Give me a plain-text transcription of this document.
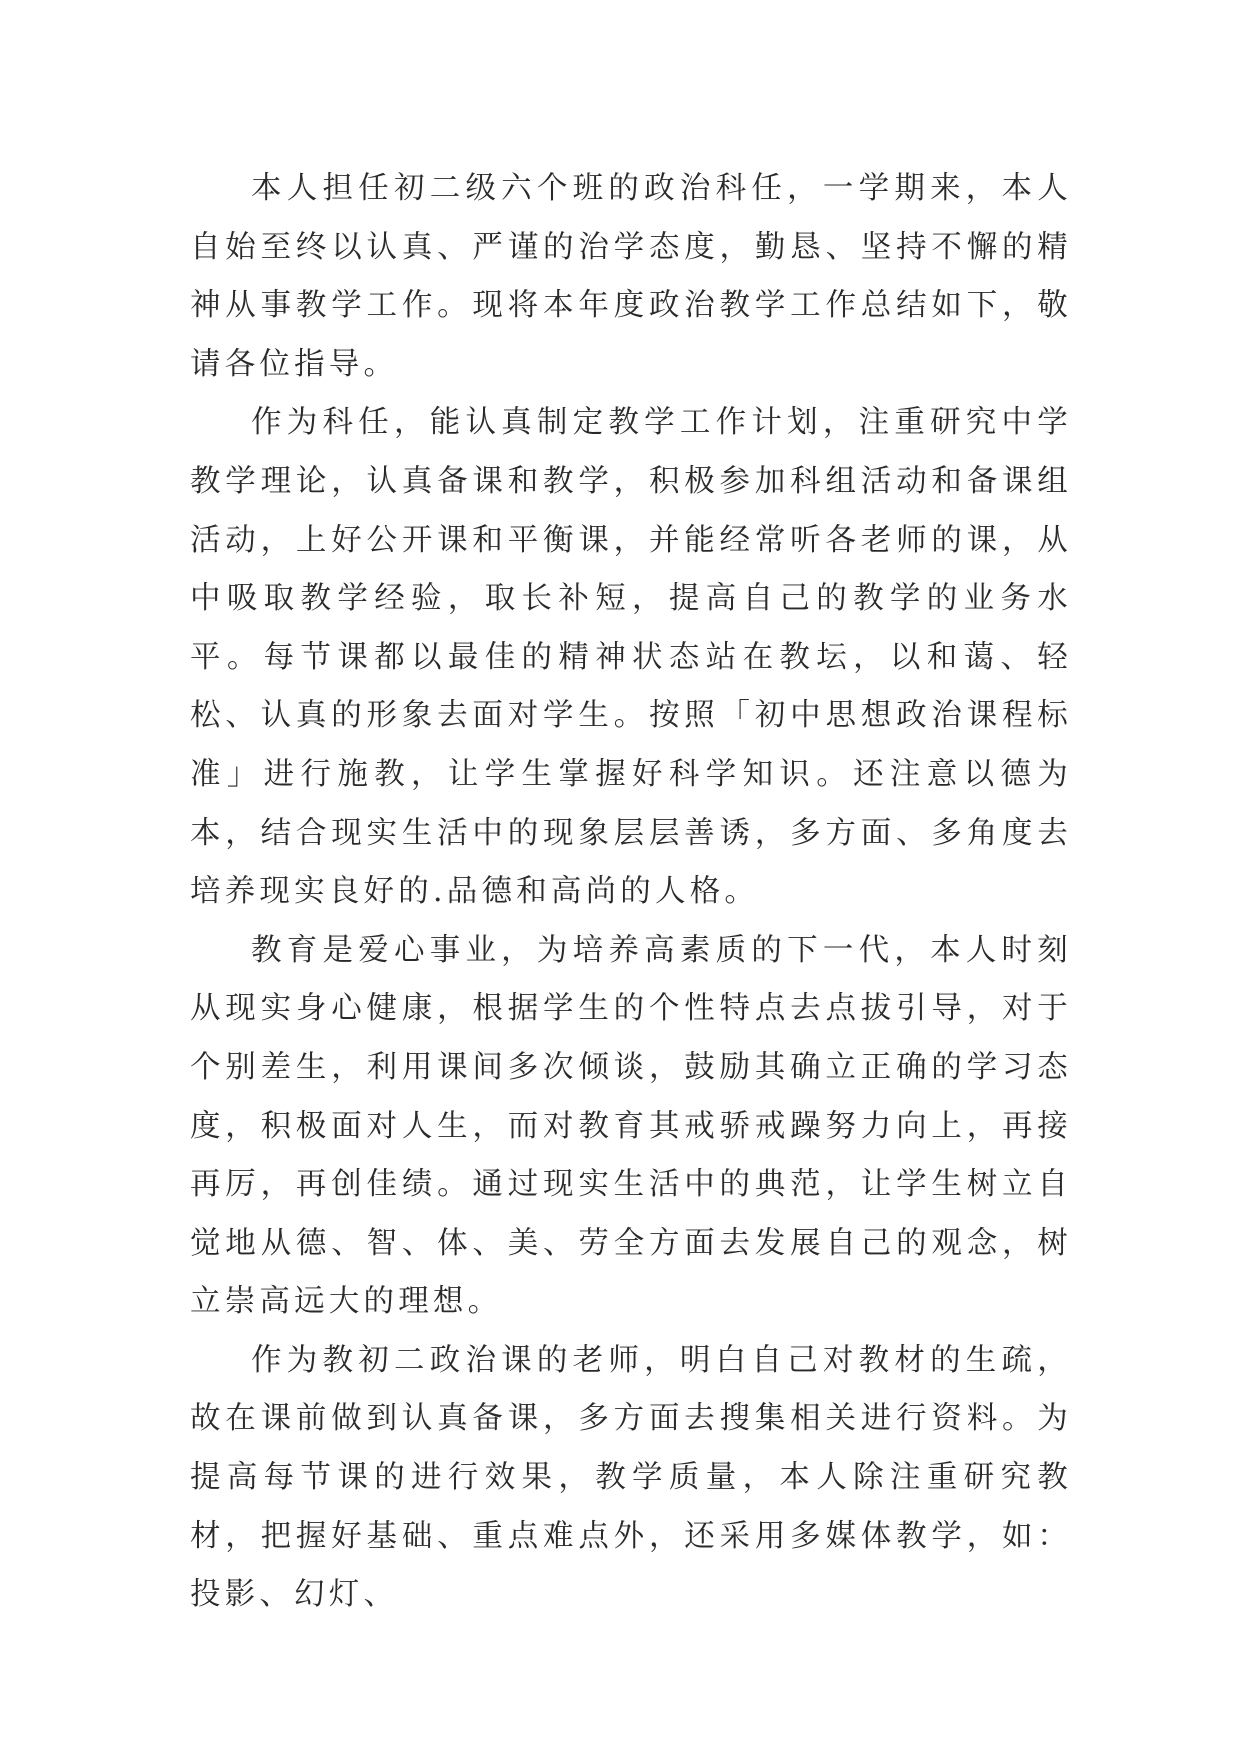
本人担任初二级六个班的政治科任，一学期来，本人自始至终以认真、严谨的治学态度，勤恳、坚持不懈的精神从事教学工作。现将本年度政治教学工作总结如下，敬请各位指导。

作为科任，能认真制定教学工作计划，注重研究中学教学理论，认真备课和教学，积极参加科组活动和备课组活动，上好公开课和平衡课，并能经常听各老师的课，从中吸取教学经验，取长补短，提高自己的教学的业务水平。每节课都以最佳的精神状态站在教坛，以和蔼、轻松、认真的形象去面对学生。按照「初中思想政治课程标准」进行施教，让学生掌握好科学知识。还注意以德为本，结合现实生活中的现象层层善诱，多方面、多角度去培养现实良好的.品德和高尚的人格。

教育是爱心事业，为培养高素质的下一代，本人时刻从现实身心健康，根据学生的个性特点去点拔引导，对于个别差生，利用课间多次倾谈，鼓励其确立正确的学习态度，积极面对人生，而对教育其戒骄戒躁努力向上，再接再厉，再创佳绩。通过现实生活中的典范，让学生树立自觉地从德、智、体、美、劳全方面去发展自己的观念，树立崇高远大的理想。

作为教初二政治课的老师，明白自己对教材的生疏，故在课前做到认真备课，多方面去搜集相关进行资料。为提高每节课的进行效果，教学质量，本人除注重研究教材，把握好基础、重点难点外，还采用多媒体教学，如：投影、幻灯、
